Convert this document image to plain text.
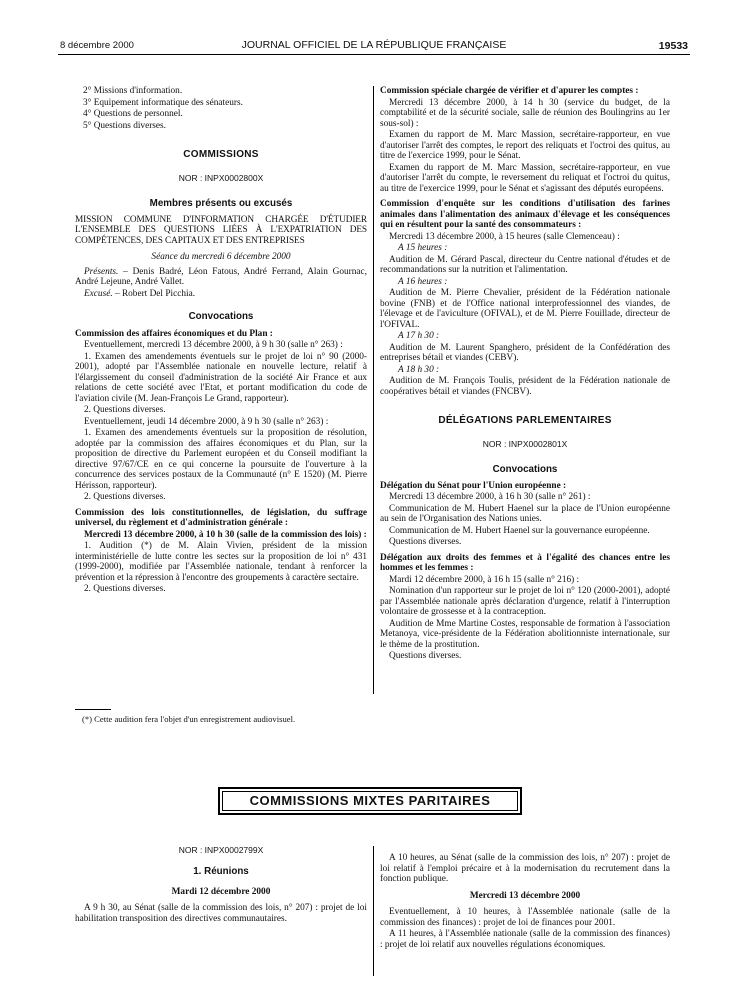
8 décembre 2000	JOURNAL OFFICIEL DE LA RÉPUBLIQUE FRANÇAISE	19533

2° Missions d'information.

3° Equipement informatique des sénateurs.

4° Questions de personnel.

5° Questions diverses.

COMMISSIONS
NOR : INPX0002800X
Membres présents ou excusés

MISSION COMMUNE D'INFORMATION CHARGÉE D'ÉTUDIER L'ENSEMBLE DES QUESTIONS LIÉES À L'EXPATRIATION DES COMPÉTENCES, DES CAPITAUX ET DES ENTREPRISES

Séance du mercredi 6 décembre 2000

Présents. – Denis Badré, Léon Fatous, André Ferrand, Alain Gournac, André Lejeune, André Vallet.

Excusé. – Robert Del Picchia.

Convocations

Commission des affaires économiques et du Plan :

Eventuellement, mercredi 13 décembre 2000, à 9 h 30 (salle n° 263) :

1. Examen des amendements éventuels sur le projet de loi n° 90 (2000-2001), adopté par l'Assemblée nationale en nouvelle lecture, relatif à l'élargissement du conseil d'administration de la société Air France et aux relations de cette société avec l'Etat, et portant modification du code de l'aviation civile (M. Jean-François Le Grand, rapporteur).

2. Questions diverses.

Eventuellement, jeudi 14 décembre 2000, à 9 h 30 (salle n° 263) :

1. Examen des amendements éventuels sur la proposition de résolution, adoptée par la commission des affaires économiques et du Plan, sur la proposition de directive du Parlement européen et du Conseil modifiant la directive 97/67/CE en ce qui concerne la poursuite de l'ouverture à la concurrence des services postaux de la Communauté (n° E 1520) (M. Pierre Hérisson, rapporteur).

2. Questions diverses.

Commission des lois constitutionnelles, de législation, du suffrage universel, du règlement et d'administration générale :

Mercredi 13 décembre 2000, à 10 h 30 (salle de la commission des lois) :

1. Audition (*) de M. Alain Vivien, président de la mission interministérielle de lutte contre les sectes sur la proposition de loi n° 431 (1999-2000), modifiée par l'Assemblée nationale, tendant à renforcer la prévention et la répression à l'encontre des groupements à caractère sectaire.

2. Questions diverses.

(*) Cette audition fera l'objet d'un enregistrement audiovisuel.

Commission spéciale chargée de vérifier et d'apurer les comptes :

Mercredi 13 décembre 2000, à 14 h 30 (service du budget, de la comptabilité et de la sécurité sociale, salle de réunion des Boulingrins au 1er sous-sol) :

Examen du rapport de M. Marc Massion, secrétaire-rapporteur, en vue d'autoriser l'arrêt des comptes, le report des reliquats et l'octroi des quitus, au titre de l'exercice 1999, pour le Sénat.

Examen du rapport de M. Marc Massion, secrétaire-rapporteur, en vue d'autoriser l'arrêt du compte, le reversement du reliquat et l'octroi du quitus, au titre de l'exercice 1999, pour le Sénat et s'agissant des députés européens.

Commission d'enquête sur les conditions d'utilisation des farines animales dans l'alimentation des animaux d'élevage et les conséquences qui en résultent pour la santé des consommateurs :

Mercredi 13 décembre 2000, à 15 heures (salle Clemenceau) :

A 15 heures :

Audition de M. Gérard Pascal, directeur du Centre national d'études et de recommandations sur la nutrition et l'alimentation.

A 16 heures :

Audition de M. Pierre Chevalier, président de la Fédération nationale bovine (FNB) et de l'Office national interprofessionnel des viandes, de l'élevage et de l'aviculture (OFIVAL), et de M. Pierre Fouillade, directeur de l'OFIVAL.

A 17 h 30 :

Audition de M. Laurent Spanghero, président de la Confédération des entreprises bétail et viandes (CEBV).

A 18 h 30 :

Audition de M. François Toulis, président de la Fédération nationale de coopératives bétail et viandes (FNCBV).

DÉLÉGATIONS PARLEMENTAIRES
NOR : INPX0002801X
Convocations

Délégation du Sénat pour l'Union européenne :

Mercredi 13 décembre 2000, à 16 h 30 (salle n° 261) :

Communication de M. Hubert Haenel sur la place de l'Union européenne au sein de l'Organisation des Nations unies.

Communication de M. Hubert Haenel sur la gouvernance européenne.

Questions diverses.

Délégation aux droits des femmes et à l'égalité des chances entre les hommes et les femmes :

Mardi 12 décembre 2000, à 16 h 15 (salle n° 216) :

Nomination d'un rapporteur sur le projet de loi n° 120 (2000-2001), adopté par l'Assemblée nationale après déclaration d'urgence, relatif à l'interruption volontaire de grossesse et à la contraception.

Audition de Mme Martine Costes, responsable de formation à l'association Metanoya, vice-présidente de la Fédération abolitionniste internationale, sur le thème de la prostitution.

Questions diverses.

COMMISSIONS MIXTES PARITAIRES
NOR : INPX0002799X
1. Réunions

Mardi 12 décembre 2000

A 9 h 30, au Sénat (salle de la commission des lois, n° 207) : projet de loi habilitation transposition des directives communautaires.

A 10 heures, au Sénat (salle de la commission des lois, n° 207) : projet de loi relatif à l'emploi précaire et à la modernisation du recrutement dans la fonction publique.

Mercredi 13 décembre 2000

Eventuellement, à 10 heures, à l'Assemblée nationale (salle de la commission des finances) : projet de loi de finances pour 2001.

A 11 heures, à l'Assemblée nationale (salle de la commission des finances) : projet de loi relatif aux nouvelles régulations économiques.
